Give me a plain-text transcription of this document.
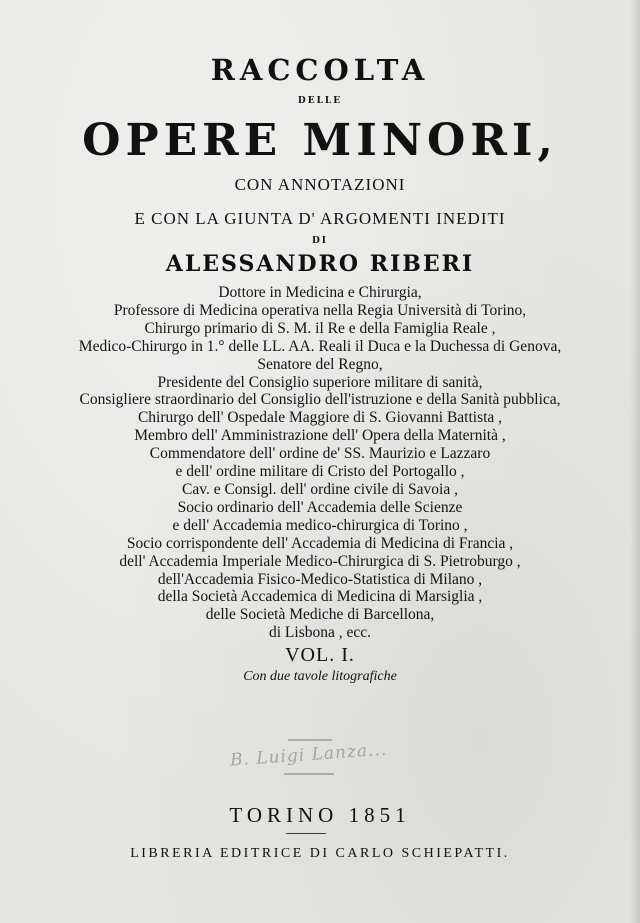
RACCOLTA
DELLE
OPERE MINORI,
CON ANNOTAZIONI
E CON LA GIUNTA D' ARGOMENTI INEDITI
DI
ALESSANDRO RIBERI
Dottore in Medicina e Chirurgia,
Professore di Medicina operativa nella Regia Università di Torino,
Chirurgo primario di S. M. il Re e della Famiglia Reale ,
Medico-Chirurgo in 1.° delle LL. AA. Reali il Duca e la Duchessa di Genova,
Senatore del Regno,
Presidente del Consiglio superiore militare di sanità,
Consigliere straordinario del Consiglio dell'istruzione e della Sanità pubblica,
Chirurgo dell' Ospedale Maggiore di S. Giovanni Battista ,
Membro dell' Amministrazione dell' Opera della Maternità ,
Commendatore dell' ordine de' SS. Maurizio e Lazzaro
e dell' ordine militare di Cristo del Portogallo ,
Cav. e Consigl. dell' ordine civile di Savoia ,
Socio ordinario dell' Accademia delle Scienze
e dell' Accademia medico-chirurgica di Torino ,
Socio corrispondente dell' Accademia di Medicina di Francia ,
dell' Accademia Imperiale Medico-Chirurgica di S. Pietroburgo ,
dell'Accademia Fisico-Medico-Statistica di Milano ,
della Società Accademica di Medicina di Marsiglia ,
delle Società Mediche di Barcellona,
di Lisbona , ecc.
VOL. I.
Con due tavole litografiche
B. Luigi Lanza...
TORINO 1851
LIBRERIA EDITRICE DI CARLO SCHIEPATTI.
